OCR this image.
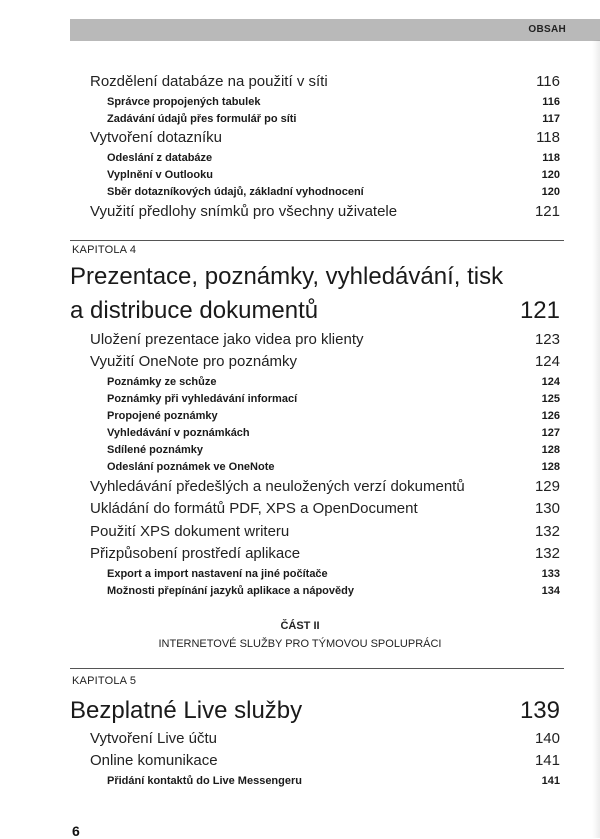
OBSAH
Rozdělení databáze na použití v síti	116
Správce propojených tabulek	116
Zadávání údajů přes formulář po síti	117
Vytvoření dotazníku	118
Odeslání z databáze	118
Vyplnění v Outlooku	120
Sběr dotazníkových údajů, základní vyhodnocení	120
Využití předlohy snímků pro všechny uživatele	121
KAPITOLA 4
Prezentace, poznámky, vyhledávání, tisk
a distribuce dokumentů	121
Uložení prezentace jako videa pro klienty	123
Využití OneNote pro poznámky	124
Poznámky ze schůze	124
Poznámky při vyhledávání informací	125
Propojené poznámky	126
Vyhledávání v poznámkách	127
Sdílené poznámky	128
Odeslání poznámek ve OneNote	128
Vyhledávání předešlých a neuložených verzí dokumentů	129
Ukládání do formátů PDF, XPS a OpenDocument	130
Použití XPS dokument writeru	132
Přizpůsobení prostředí aplikace	132
Export a import nastavení na jiné počítače	133
Možnosti přepínání jazyků aplikace a nápovědy	134
ČÁST II
INTERNETOVÉ SLUŽBY PRO TÝMOVOU SPOLUPRÁCI
KAPITOLA 5
Bezplatné Live služby	139
Vytvoření Live účtu	140
Online komunikace	141
Přidání kontaktů do Live Messengeru	141
6
